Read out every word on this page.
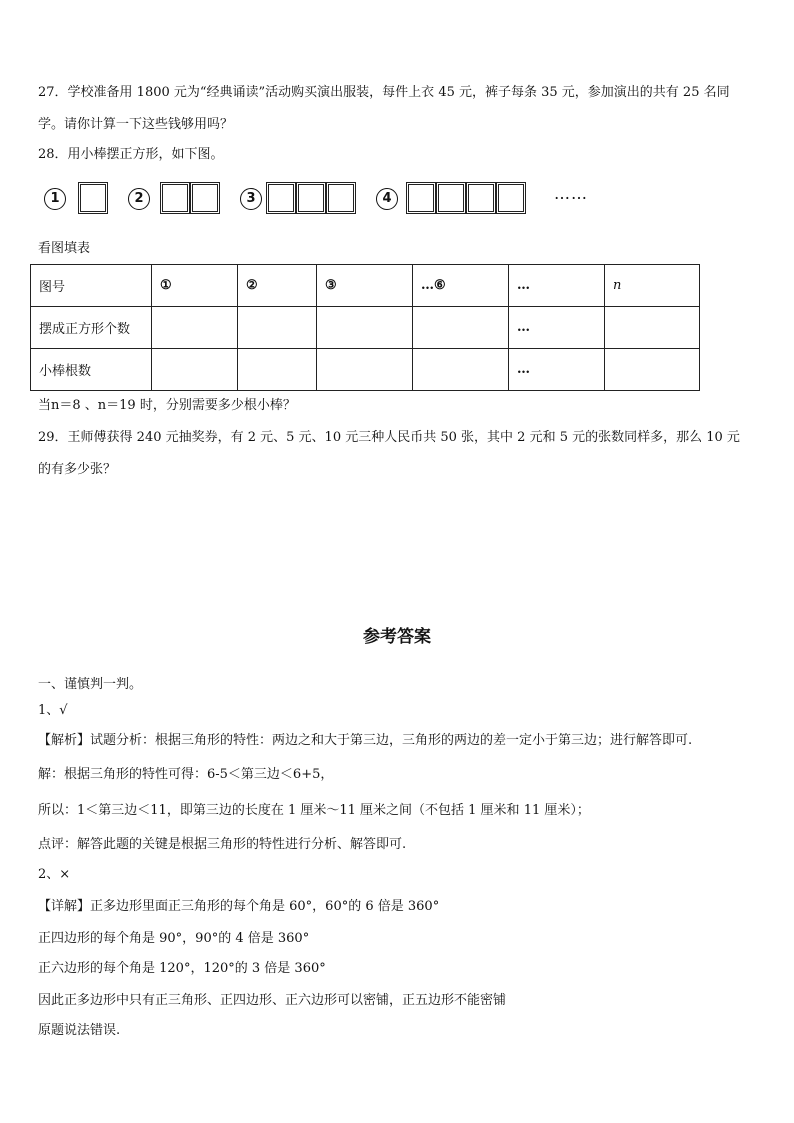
27．学校准备用 1800 元为“经典诵读”活动购买演出服装，每件上衣 45 元，裤子每条 35 元，参加演出的共有 25 名同
学。请你计算一下这些钱够用吗？
28．用小棒摆正方形，如下图。
1	2	3	4	……
看图填表
图号	①	②	③	…⑥	…	n
摆成正方形个数					…	
小棒根数					…	
当n＝8 、n＝19 时，分别需要多少根小棒？
29．王师傅获得 240 元抽奖券，有 2 元、5 元、10 元三种人民币共 50 张，其中 2 元和 5 元的张数同样多，那么 10 元
的有多少张？
参考答案
一、谨慎判一判。
1、√
【解析】试题分析：根据三角形的特性：两边之和大于第三边，三角形的两边的差一定小于第三边；进行解答即可.
解：根据三角形的特性可得：6-5＜第三边＜6+5，
所以：1＜第三边＜11，即第三边的长度在 1 厘米～11 厘米之间（不包括 1 厘米和 11 厘米）；
点评：解答此题的关键是根据三角形的特性进行分析、解答即可.
2、×
【详解】正多边形里面正三角形的每个角是 60°，60°的 6 倍是 360°
正四边形的每个角是 90°，90°的 4 倍是 360°
正六边形的每个角是 120°，120°的 3 倍是 360°
因此正多边形中只有正三角形、正四边形、正六边形可以密铺，正五边形不能密铺
原题说法错误.
